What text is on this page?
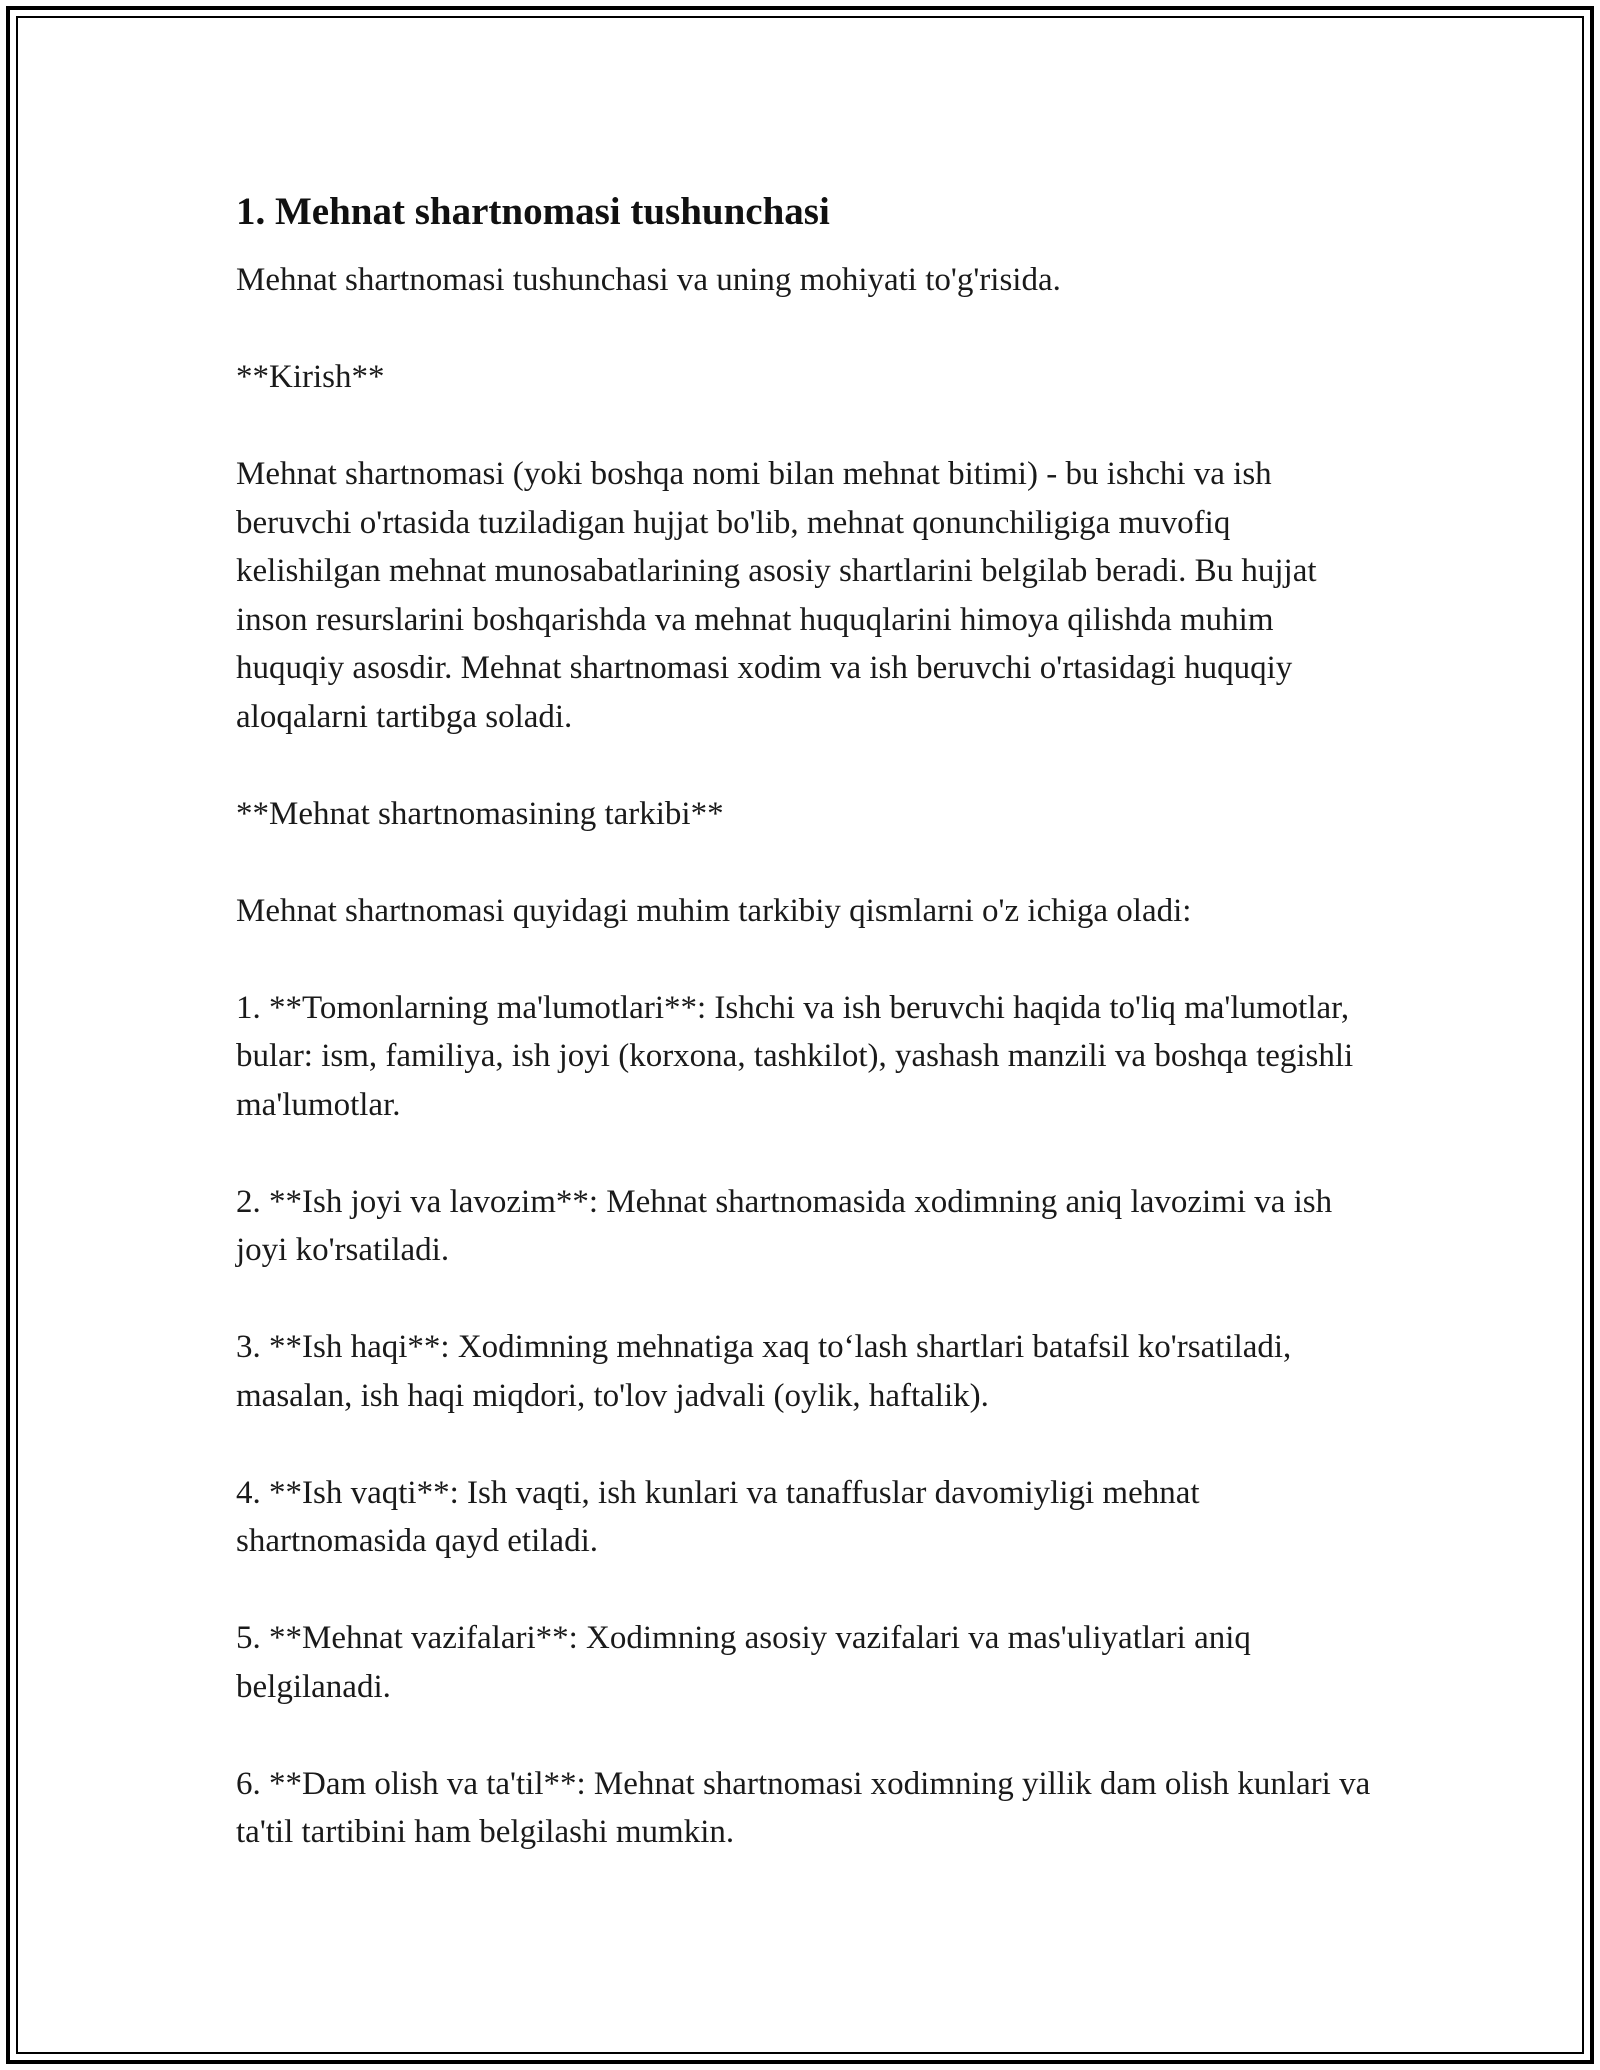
1. Mehnat shartnomasi tushunchasi

Mehnat shartnomasi tushunchasi va uning mohiyati to'g'risida.

**Kirish**

Mehnat shartnomasi (yoki boshqa nomi bilan mehnat bitimi) - bu ishchi va ish beruvchi o'rtasida tuziladigan hujjat bo'lib, mehnat qonunchiligiga muvofiq kelishilgan mehnat munosabatlarining asosiy shartlarini belgilab beradi. Bu hujjat inson resurslarini boshqarishda va mehnat huquqlarini himoya qilishda muhim huquqiy asosdir. Mehnat shartnomasi xodim va ish beruvchi o'rtasidagi huquqiy aloqalarni tartibga soladi.

**Mehnat shartnomasining tarkibi**

Mehnat shartnomasi quyidagi muhim tarkibiy qismlarni o'z ichiga oladi:

1. **Tomonlarning ma'lumotlari**: Ishchi va ish beruvchi haqida to'liq ma'lumotlar, bular: ism, familiya, ish joyi (korxona, tashkilot), yashash manzili va boshqa tegishli ma'lumotlar.

2. **Ish joyi va lavozim**: Mehnat shartnomasida xodimning aniq lavozimi va ish joyi ko'rsatiladi.

3. **Ish haqi**: Xodimning mehnatiga xaq to‘lash shartlari batafsil ko'rsatiladi, masalan, ish haqi miqdori, to'lov jadvali (oylik, haftalik).

4. **Ish vaqti**: Ish vaqti, ish kunlari va tanaffuslar davomiyligi mehnat shartnomasida qayd etiladi.

5. **Mehnat vazifalari**: Xodimning asosiy vazifalari va mas'uliyatlari aniq belgilanadi.

6. **Dam olish va ta'til**: Mehnat shartnomasi xodimning yillik dam olish kunlari va ta'til tartibini ham belgilashi mumkin.
